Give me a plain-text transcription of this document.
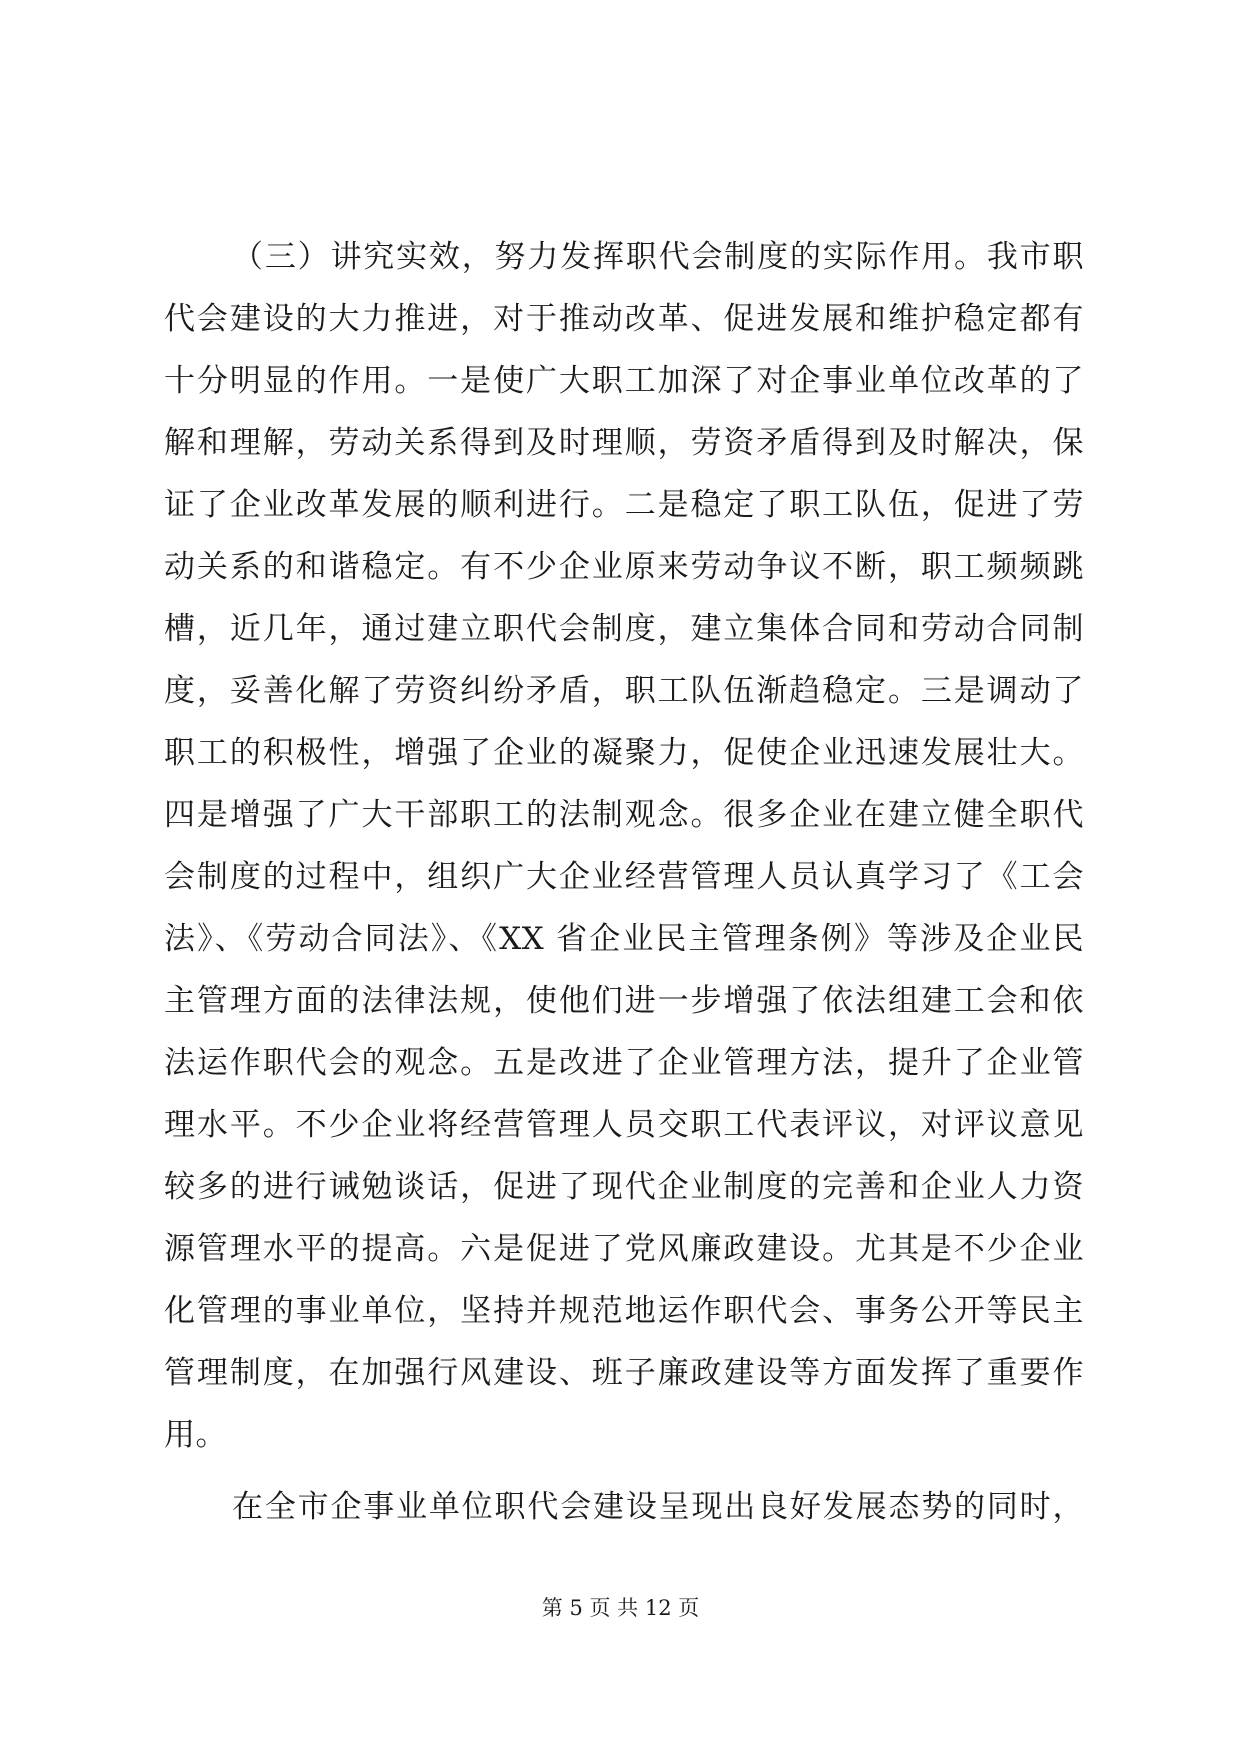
（三）讲究实效，努力发挥职代会制度的实际作用。我市职
代会建设的大力推进，对于推动改革、促进发展和维护稳定都有
十分明显的作用。一是使广大职工加深了对企事业单位改革的了
解和理解，劳动关系得到及时理顺，劳资矛盾得到及时解决，保
证了企业改革发展的顺利进行。二是稳定了职工队伍，促进了劳
动关系的和谐稳定。有不少企业原来劳动争议不断，职工频频跳
槽，近几年，通过建立职代会制度，建立集体合同和劳动合同制
度，妥善化解了劳资纠纷矛盾，职工队伍渐趋稳定。三是调动了
职工的积极性，增强了企业的凝聚力，促使企业迅速发展壮大。
四是增强了广大干部职工的法制观念。很多企业在建立健全职代
会制度的过程中，组织广大企业经营管理人员认真学习了《工会
法》、《劳动合同法》、《XX 省企业民主管理条例》等涉及企业民
主管理方面的法律法规，使他们进一步增强了依法组建工会和依
法运作职代会的观念。五是改进了企业管理方法，提升了企业管
理水平。不少企业将经营管理人员交职工代表评议，对评议意见
较多的进行诫勉谈话，促进了现代企业制度的完善和企业人力资
源管理水平的提高。六是促进了党风廉政建设。尤其是不少企业
化管理的事业单位，坚持并规范地运作职代会、事务公开等民主
管理制度，在加强行风建设、班子廉政建设等方面发挥了重要作
用。
在全市企事业单位职代会建设呈现出良好发展态势的同时，
第 5 页 共 12 页
